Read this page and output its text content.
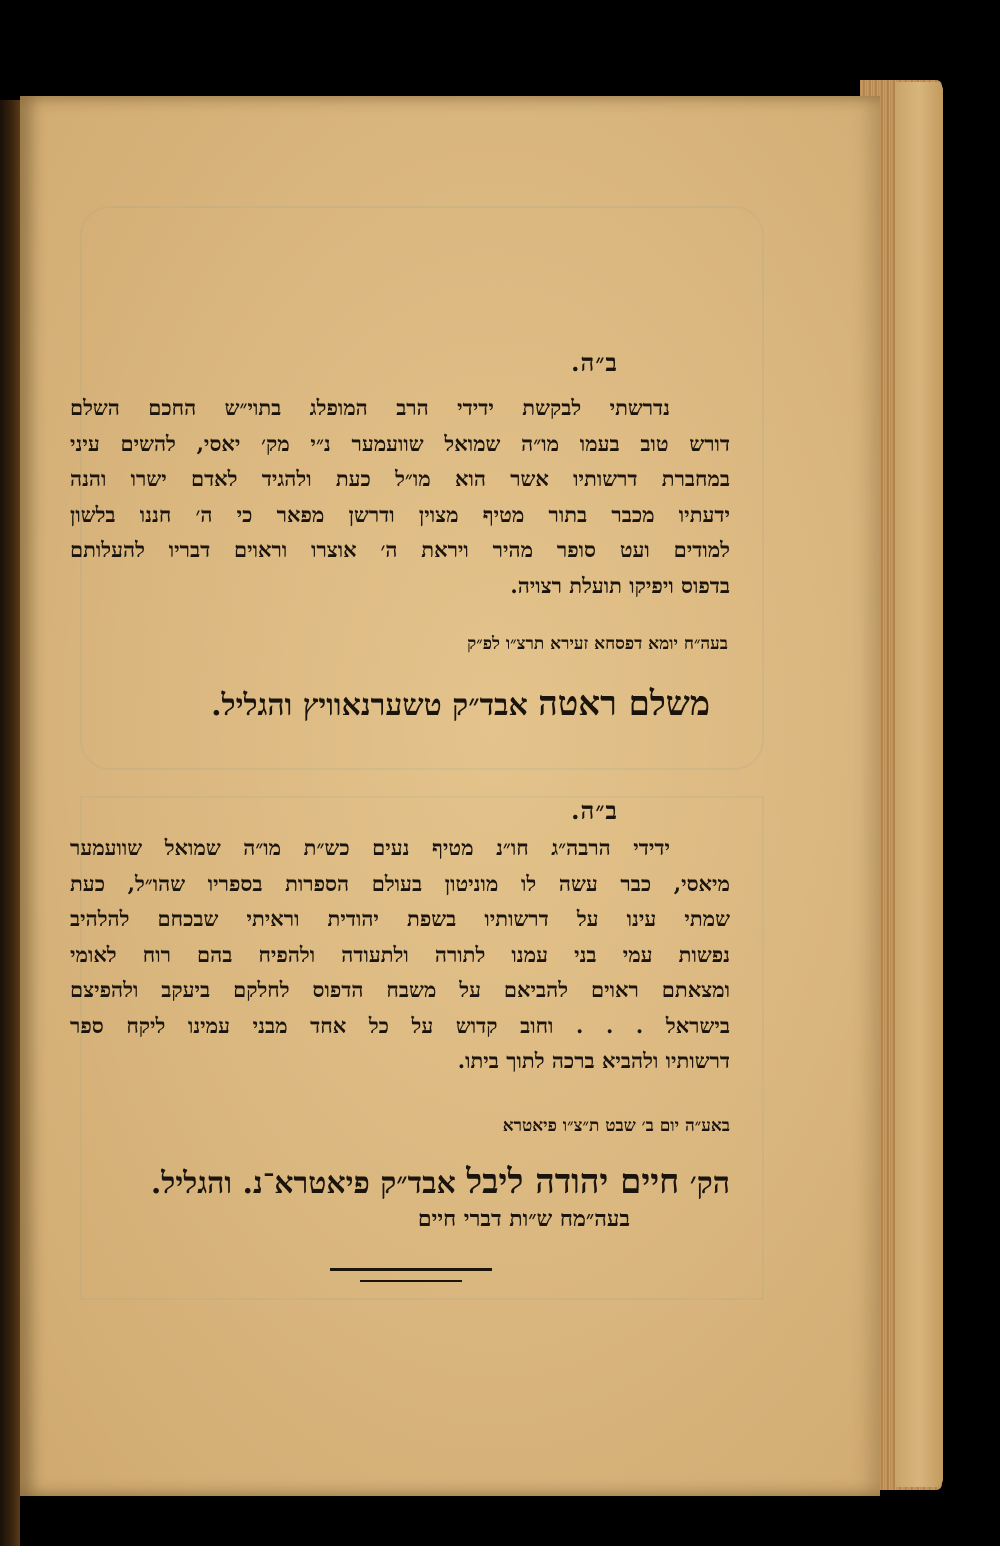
ב״ה.
נדרשתי לבקשת ידידי הרב המופלג בתוי״ש החכם השלם
דורש טוב בעמו מו״ה שמואל שוועמער נ״י מק׳ יאסי, להשים עיני
במחברת דרשותיו אשר הוא מו״ל כעת ולהגיד לאדם ישרו והנה
ידעתיו מכבר בתור מטיף מצוין ודרשן מפאר כי ה׳ חננו בלשון
למודים ועט סופר מהיר ויראת ה׳ אוצרו וראוים דבריו להעלותם
בדפוס ויפיקו תועלת רצויה.
בעה״ח יומא דפסחא זעירא תרצ״ו לפ״ק
משלם ראטה אבד״ק טשערנאוויץ והגליל.
ב״ה.
ידידי הרבה״ג חו״נ מטיף נעים כש״ת מו״ה שמואל שוועמער
מיאסי, כבר עשה לו מוניטון בעולם הספרות בספריו שהו״ל, כעת
שמתי עינו על דרשותיו בשפת יהודית וראיתי שבכחם להלהיב
נפשות עמי בני עמנו לתורה ולתעודה ולהפיח בהם רוח לאומי
ומצאתם ראוים להביאם על משבח הדפוס לחלקם ביעקב ולהפיצם
בישראל . . . וחוב קדוש על כל אחד מבני עמינו ליקח ספר
דרשותיו ולהביא ברכה לתוך ביתו.
באע״ה יום ב׳ שבט ת״צ״ו פיאטרא
הק׳ חיים יהודה ליבל אבד״ק פיאטרא־נ. והגליל.
בעה״מח ש״ות דברי חיים
